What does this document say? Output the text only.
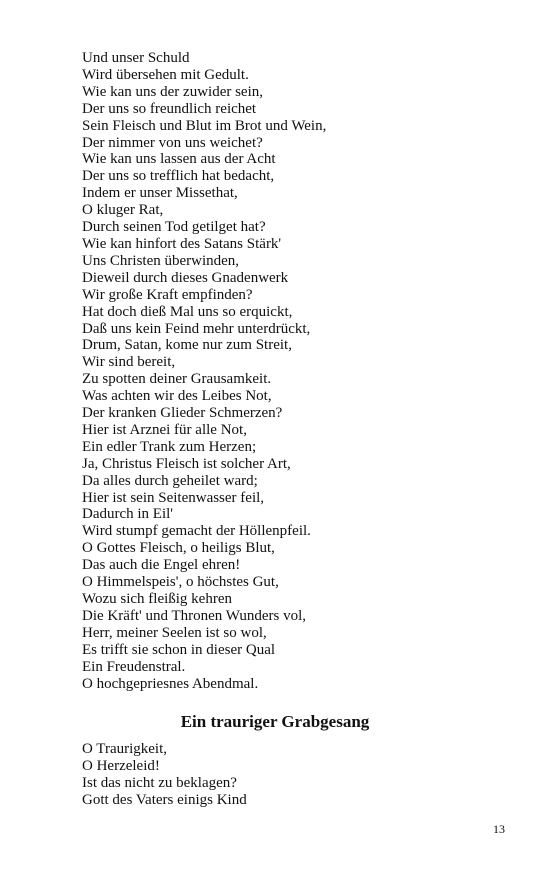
Und unser Schuld
Wird übersehen mit Gedult.
Wie kan uns der zuwider sein,
Der uns so freundlich reichet
Sein Fleisch und Blut im Brot und Wein,
Der nimmer von uns weichet?
Wie kan uns lassen aus der Acht
Der uns so trefflich hat bedacht,
Indem er unser Missethat,
O kluger Rat,
Durch seinen Tod getilget hat?
Wie kan hinfort des Satans Stärk'
Uns Christen überwinden,
Dieweil durch dieses Gnadenwerk
Wir große Kraft empfinden?
Hat doch dieß Mal uns so erquickt,
Daß uns kein Feind mehr unterdrückt,
Drum, Satan, kome nur zum Streit,
Wir sind bereit,
Zu spotten deiner Grausamkeit.
Was achten wir des Leibes Not,
Der kranken Glieder Schmerzen?
Hier ist Arznei für alle Not,
Ein edler Trank zum Herzen;
Ja, Christus Fleisch ist solcher Art,
Da alles durch geheilet ward;
Hier ist sein Seitenwasser feil,
Dadurch in Eil'
Wird stumpf gemacht der Höllenpfeil.
O Gottes Fleisch, o heiligs Blut,
Das auch die Engel ehren!
O Himmelspeis', o höchstes Gut,
Wozu sich fleißig kehren
Die Kräft' und Thronen Wunders vol,
Herr, meiner Seelen ist so wol,
Es trifft sie schon in dieser Qual
Ein Freudenstral.
O hochgepriesnes Abendmal.
Ein trauriger Grabgesang
O Traurigkeit,
O Herzeleid!
Ist das nicht zu beklagen?
Gott des Vaters einigs Kind
13
